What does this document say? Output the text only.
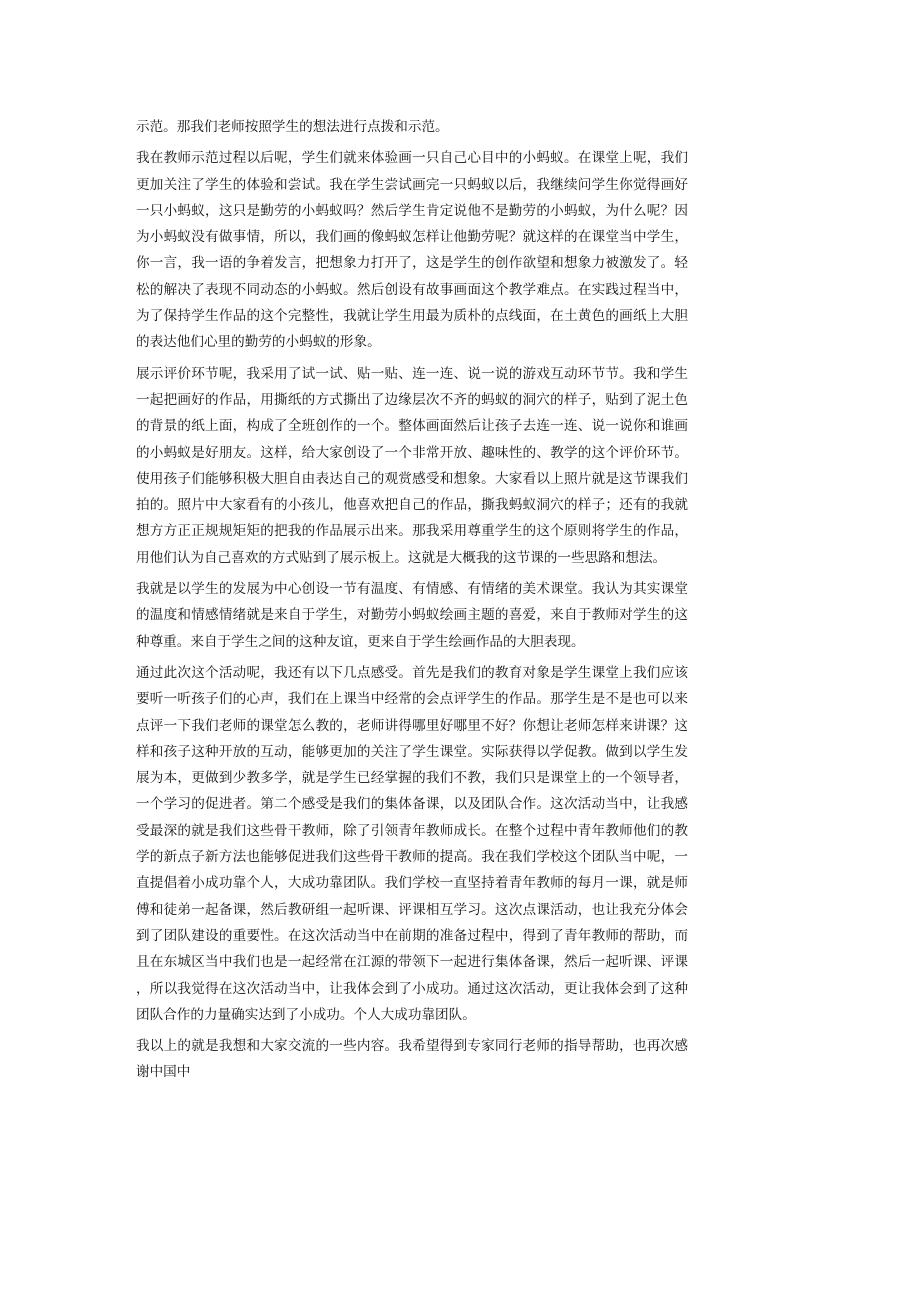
示范。那我们老师按照学生的想法进行点拨和示范。

我在教师示范过程以后呢，学生们就来体验画一只自己心目中的小蚂蚁。在课堂上呢，我们更加关注了学生的体验和尝试。我在学生尝试画完一只蚂蚁以后，我继续问学生你觉得画好一只小蚂蚁，这只是勤劳的小蚂蚁吗？然后学生肯定说他不是勤劳的小蚂蚁，为什么呢？因为小蚂蚁没有做事情，所以，我们画的像蚂蚁怎样让他勤劳呢？就这样的在课堂当中学生，你一言，我一语的争着发言，把想象力打开了，这是学生的创作欲望和想象力被激发了。轻松的解决了表现不同动态的小蚂蚁。然后创设有故事画面这个教学难点。在实践过程当中，为了保持学生作品的这个完整性，我就让学生用最为质朴的点线面，在土黄色的画纸上大胆的表达他们心里的勤劳的小蚂蚁的形象。

展示评价环节呢，我采用了试一试、贴一贴、连一连、说一说的游戏互动环节节。我和学生一起把画好的作品，用撕纸的方式撕出了边缘层次不齐的蚂蚁的洞穴的样子，贴到了泥土色的背景的纸上面，构成了全班创作的一个。整体画面然后让孩子去连一连、说一说你和谁画的小蚂蚁是好朋友。这样，给大家创设了一个非常开放、趣味性的、教学的这个评价环节。使用孩子们能够积极大胆自由表达自己的观赏感受和想象。大家看以上照片就是这节课我们拍的。照片中大家看有的小孩儿，他喜欢把自己的作品，撕我蚂蚁洞穴的样子；还有的我就想方方正正规规矩矩的把我的作品展示出来。那我采用尊重学生的这个原则将学生的作品，用他们认为自己喜欢的方式贴到了展示板上。这就是大概我的这节课的一些思路和想法。

我就是以学生的发展为中心创设一节有温度、有情感、有情绪的美术课堂。我认为其实课堂的温度和情感情绪就是来自于学生，对勤劳小蚂蚁绘画主题的喜爱，来自于教师对学生的这种尊重。来自于学生之间的这种友谊，更来自于学生绘画作品的大胆表现。

通过此次这个活动呢，我还有以下几点感受。首先是我们的教育对象是学生课堂上我们应该要听一听孩子们的心声，我们在上课当中经常的会点评学生的作品。那学生是不是也可以来点评一下我们老师的课堂怎么教的，老师讲得哪里好哪里不好？你想让老师怎样来讲课？这样和孩子这种开放的互动，能够更加的关注了学生课堂。实际获得以学促教。做到以学生发展为本，更做到少教多学，就是学生已经掌握的我们不教，我们只是课堂上的一个领导者，一个学习的促进者。第二个感受是我们的集体备课，以及团队合作。这次活动当中，让我感受最深的就是我们这些骨干教师，除了引领青年教师成长。在整个过程中青年教师他们的教学的新点子新方法也能够促进我们这些骨干教师的提高。我在我们学校这个团队当中呢，一直提倡着小成功靠个人，大成功靠团队。我们学校一直坚持着青年教师的每月一课，就是师傅和徒弟一起备课，然后教研组一起听课、评课相互学习。这次点课活动，也让我充分体会到了团队建设的重要性。在这次活动当中在前期的准备过程中，得到了青年教师的帮助，而且在东城区当中我们也是一起经常在江源的带领下一起进行集体备课，然后一起听课、评课，所以我觉得在这次活动当中，让我体会到了小成功。通过这次活动，更让我体会到了这种团队合作的力量确实达到了小成功。个人大成功靠团队。

我以上的就是我想和大家交流的一些内容。我希望得到专家同行老师的指导帮助，也再次感谢中国中
